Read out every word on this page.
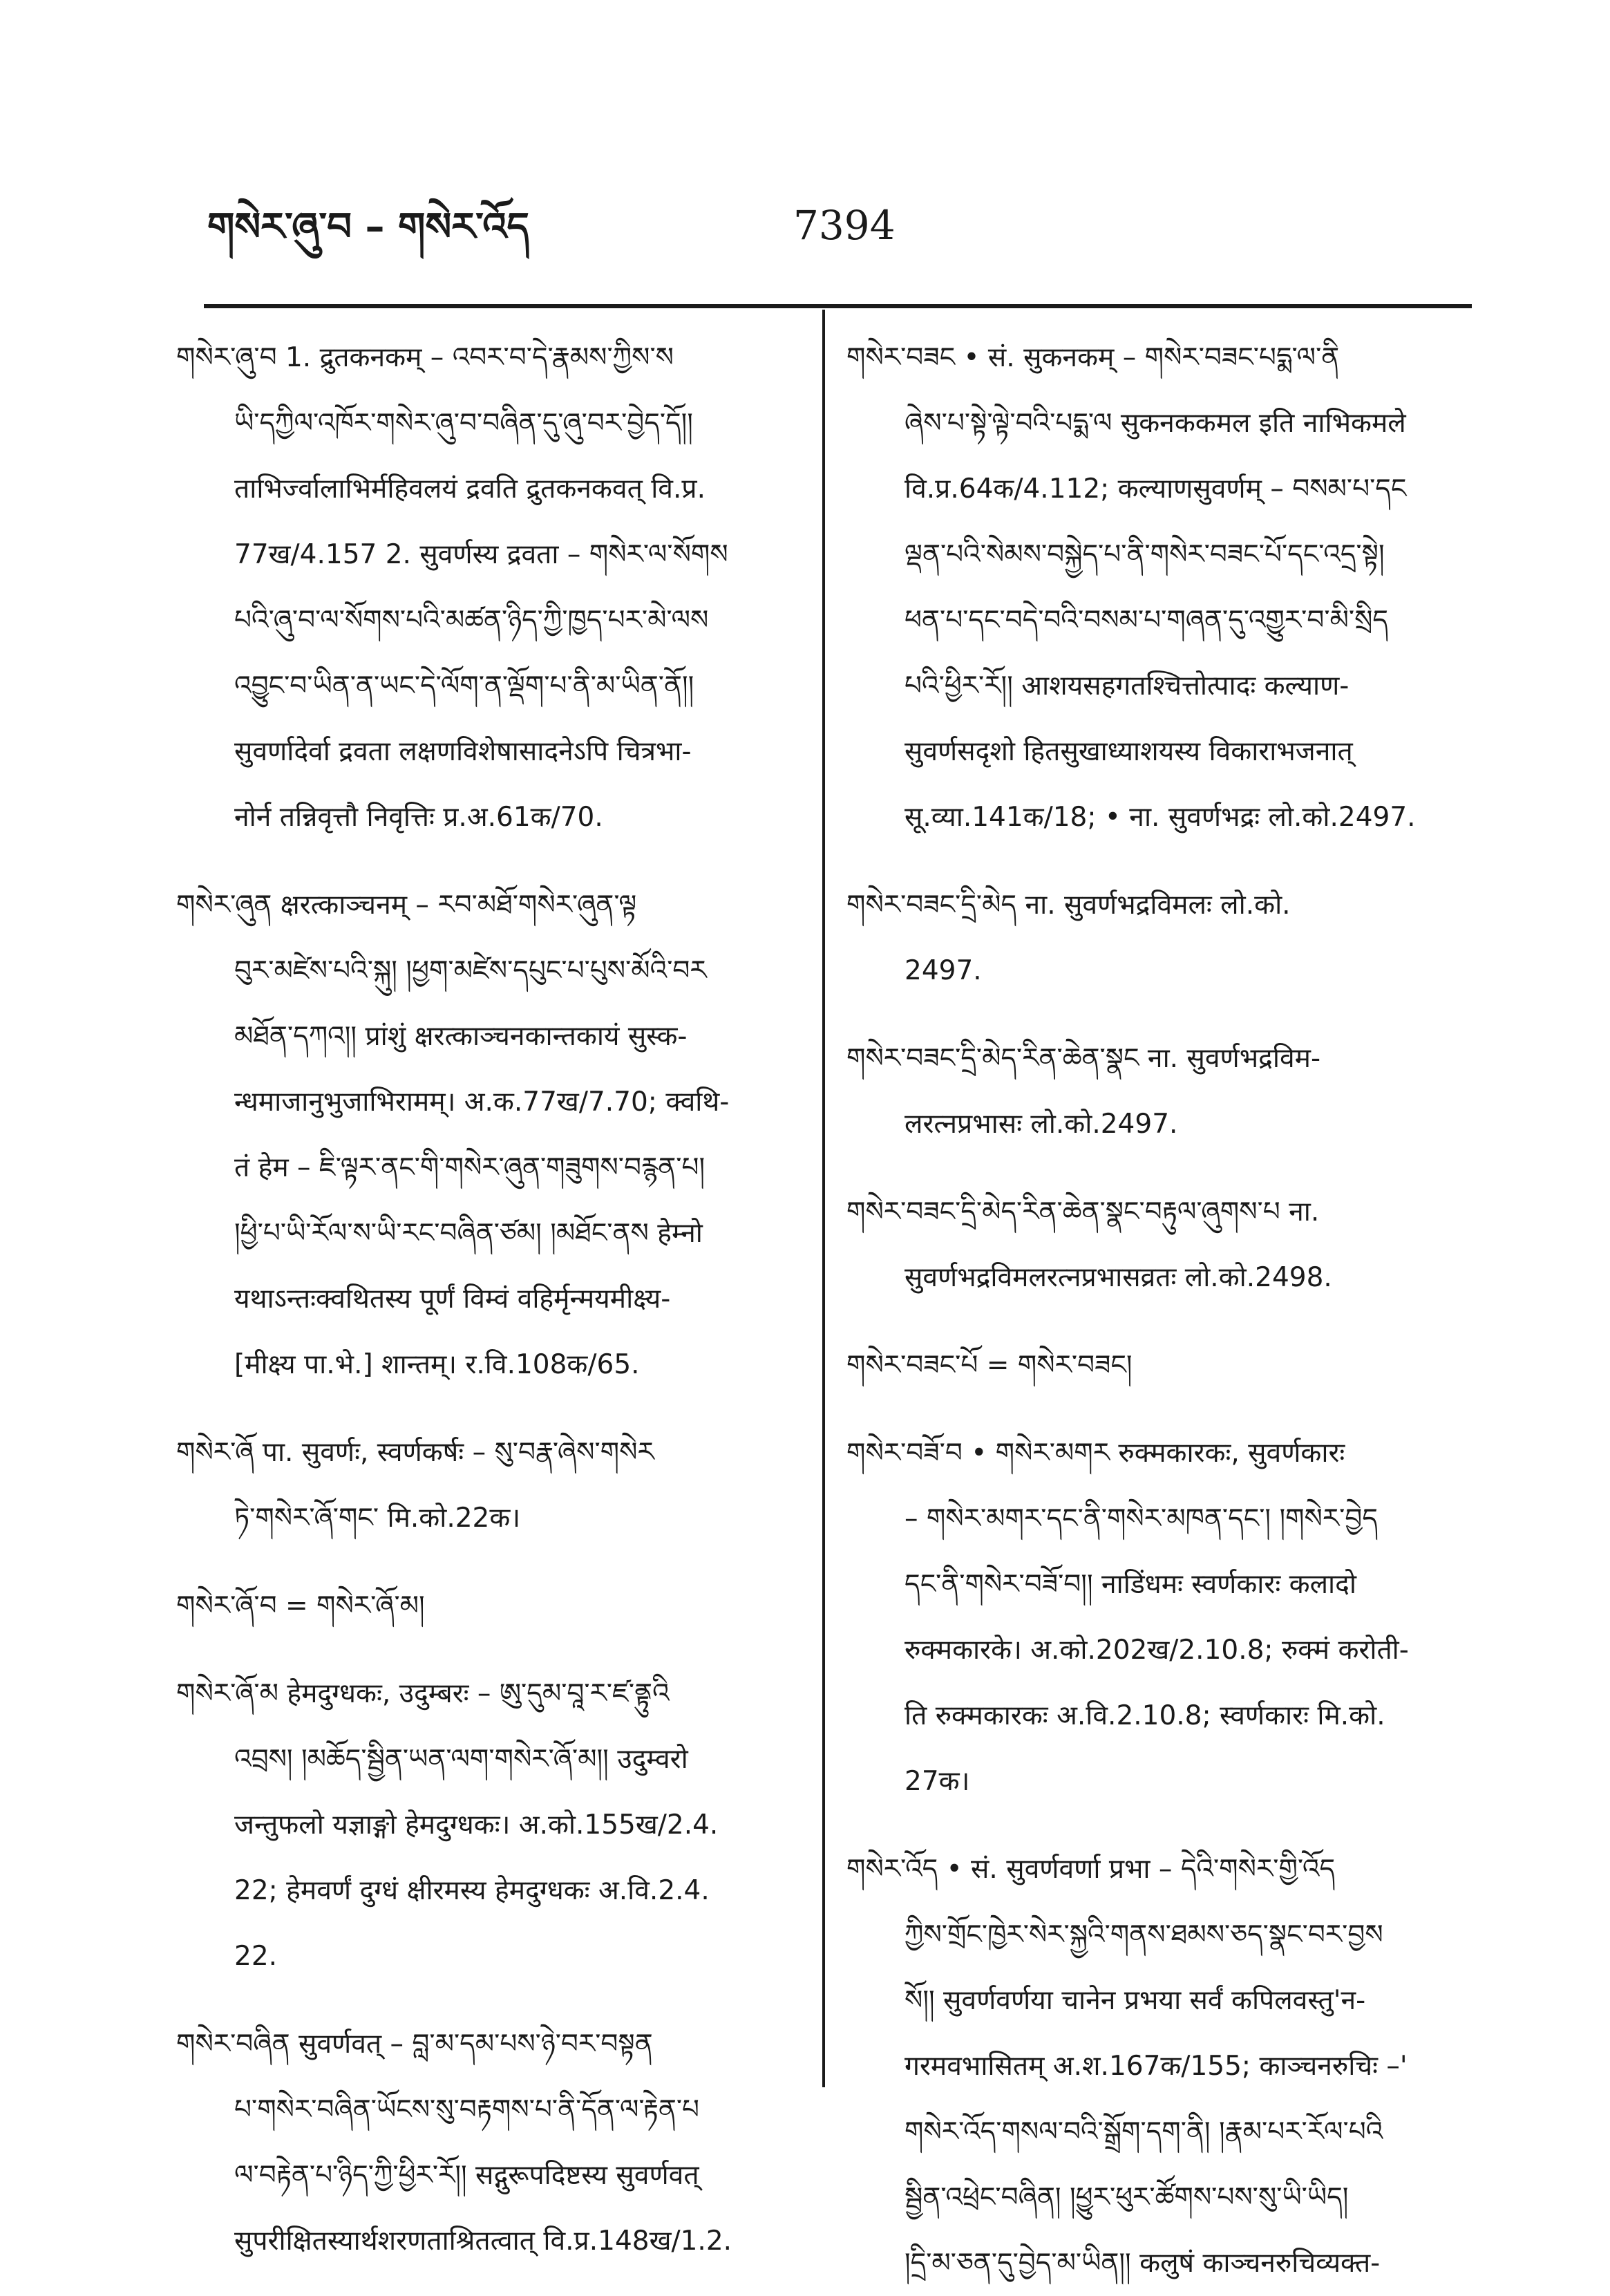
གསེར་ཞུ་བ – གསེར་འོད	7394
གསེར་ཞུ་བ 1. द्रुतकनकम् – འབར་བ་དེ་རྣམས་ཀྱིས་ས
ཡི་དཀྱིལ་འཁོར་གསེར་ཞུ་བ་བཞིན་དུ་ཞུ་བར་བྱེད་དོ།།
ताभिर्ज्वालाभिर्महिवलयं द्रवति द्रुतकनकवत् वि.प्र.
77ख/4.157 2. सुवर्णस्य द्रवता – གསེར་ལ་སོགས
པའི་ཞུ་བ་ལ་སོགས་པའི་མཚན་ཉིད་ཀྱི་ཁྱད་པར་མེ་ལས
འབྱུང་བ་ཡིན་ན་ཡང་དེ་ལོག་ན་ལྡོག་པ་ནི་མ་ཡིན་ནོ།།
सुवर्णादेर्वा द्रवता लक्षणविशेषासादनेऽपि चित्रभा-
नोर्न तन्निवृत्तौ निवृत्तिः प्र.अ.61क/70.
གསེར་ཞུན क्षरत्काञ्चनम् – རབ་མཐོ་གསེར་ཞུན་ལྟ
བུར་མཛེས་པའི་སྐུ། །ཕྱག་མཛེས་དཔུང་པ་པུས་མོའི་བར
མཐོན་དཀའ།། प्रांशुं क्षरत्काञ्चनकान्तकायं सुस्क-
न्धमाजानुभुजाभिरामम्। अ.क.77ख/7.70; क्वथि-
तं हेम – ཇི་ལྟར་ནང་གི་གསེར་ཞུན་གཟུགས་བརྙན་པ།
།ཕྱི་པ་ཡི་རོལ་ས་ཡི་རང་བཞིན་ཙམ། །མཐོང་ནས हेम्नो
यथाऽन्तःक्वथितस्य पूर्णं विम्वं वहिर्मृन्मयमीक्ष्य-
[मीक्ष्य पा.भे.] शान्तम्। र.वि.108क/65.
གསེར་ཞོ पा. सुवर्णः, स्वर्णकर्षः – སུ་བརྣ་ཞེས་གསེར
ཏེ་གསེར་ཞོ་གང་ मि.को.22क।
གསེར་ཞོ་བ = གསེར་ཞོ་མ།
གསེར་ཞོ་མ हेमदुग्धकः, उदुम्बरः – ཨུ་དུམ་བཱ་ར་ཛ་ནྟུའི
འབྲས། །མཆོད་སྦྱིན་ཡན་ལག་གསེར་ཞོ་མ།། उदुम्वरो
जन्तुफलो यज्ञाङ्गो हेमदुग्धकः। अ.को.155ख/2.4.
22; हेमवर्णं दुग्धं क्षीरमस्य हेमदुग्धकः अ.वि.2.4.
22.
གསེར་བཞིན सुवर्णवत् – བླ་མ་དམ་པས་ཉེ་བར་བསྟན
པ་གསེར་བཞིན་ཡོངས་སུ་བརྟགས་པ་ནི་དོན་ལ་རྟེན་པ
ལ་བརྟེན་པ་ཉིད་ཀྱི་ཕྱིར་རོ།། सद्गुरूपदिष्टस्य सुवर्णवत्
सुपरीक्षितस्यार्थशरणताश्रितत्वात् वि.प्र.148ख/1.2.
གསེར་བཟང • सं. सुकनकम् – གསེར་བཟང་པདྨ་ལ་ནི
ཞེས་པ་སྟེ་ལྟེ་བའི་པདྨ་ལ सुकनककमल इति नाभिकमले
वि.प्र.64क/4.112; कल्याणसुवर्णम् – བསམ་པ་དང
ལྡན་པའི་སེམས་བསྐྱེད་པ་ནི་གསེར་བཟང་པོ་དང་འདྲ་སྟེ།
ཕན་པ་དང་བདེ་བའི་བསམ་པ་གཞན་དུ་འགྱུར་བ་མི་སྲིད
པའི་ཕྱིར་རོ།། आशयसहगतश्चित्तोत्पादः कल्याण-
सुवर्णसदृशो हितसुखाध्याशयस्य विकाराभजनात्
सू.व्या.141क/18; • ना. सुवर्णभद्रः लो.को.2497.
གསེར་བཟང་དྲི་མེད ना. सुवर्णभद्रविमलः लो.को.
2497.
གསེར་བཟང་དྲི་མེད་རིན་ཆེན་སྣང ना. सुवर्णभद्रविम-
लरत्नप्रभासः लो.को.2497.
གསེར་བཟང་དྲི་མེད་རིན་ཆེན་སྣང་བརྟུལ་ཞུགས་པ ना.
सुवर्णभद्रविमलरत्नप्रभासव्रतः लो.को.2498.
གསེར་བཟང་པོ = གསེར་བཟང།
གསེར་བཟོ་བ • གསེར་མགར रुक्मकारकः, सुवर्णकारः
– གསེར་མགར་དང་ནི་གསེར་མཁན་དང་། །གསེར་བྱེད
དང་ནི་གསེར་བཟོ་བ།། नाडिंधमः स्वर्णकारः कलादो
रुक्मकारके। अ.को.202ख/2.10.8; रुक्मं करोती-
ति रुक्मकारकः अ.वि.2.10.8; स्वर्णकारः मि.को.
27क।
གསེར་འོད • सं. सुवर्णवर्णा प्रभा – དེའི་གསེར་གྱི་འོད
ཀྱིས་གྲོང་ཁྱེར་སེར་སྐྱའི་གནས་ཐམས་ཅད་སྣང་བར་བྱས
སོ།། सुवर्णवर्णया चानेन प्रभया सर्वं कपिलवस्तु'न-
गरमवभासितम् अ.श.167क/155; काञ्चनरुचिः –'
གསེར་འོད་གསལ་བའི་སྒྲོག་དག་ནི། །རྣམ་པར་རོལ་པའི
སྦྱིན་འཕྲེང་བཞིན། །ཕྱུར་ཕུར་ཚོགས་པས་སུ་ཡི་ཡིད།
།དྲི་མ་ཅན་དུ་བྱེད་མ་ཡིན།། कलुषं काञ्चनरुचिव्यक्त-
